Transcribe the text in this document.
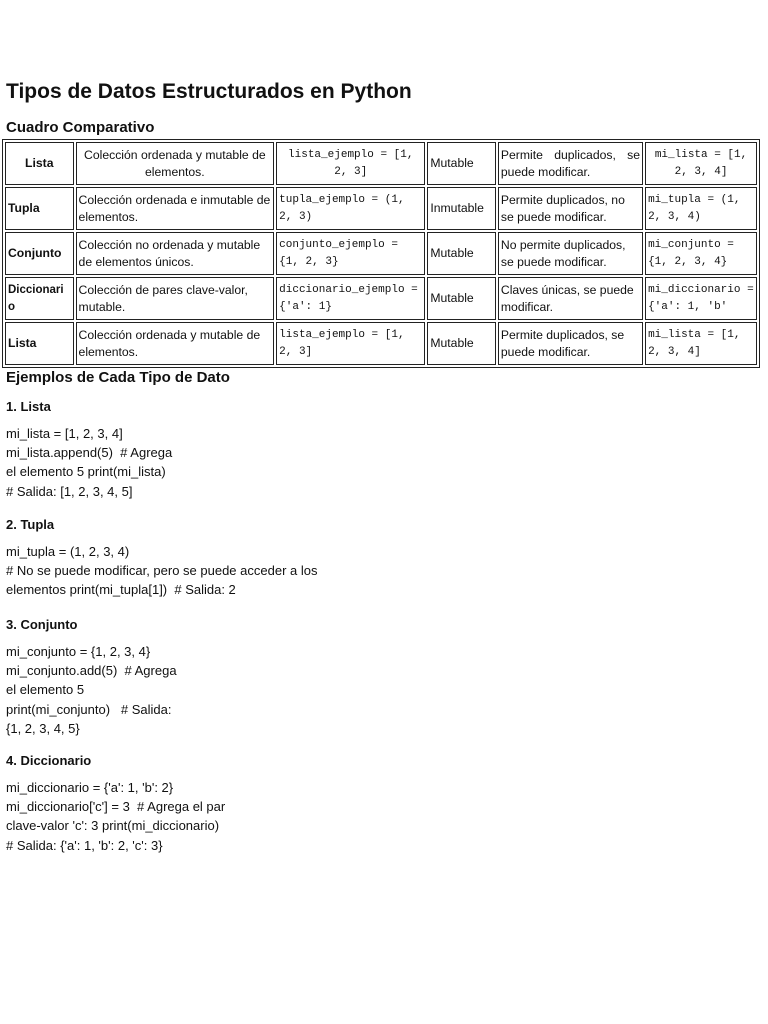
Tipos de Datos Estructurados en Python
Cuadro Comparativo
Lista	Colección ordenada y mutable de elementos.	lista_ejemplo = [1, 2, 3]	Mutable	Permite duplicados, se puede modificar.	mi_lista = [1, 2, 3, 4]
Tupla	Colección ordenada e inmutable de elementos.	tupla_ejemplo = (1, 2, 3)	Inmutable	Permite duplicados, no se puede modificar.	mi_tupla = (1, 2, 3, 4)
Conjunto	Colección no ordenada y mutable de elementos únicos.	conjunto_ejemplo = {1, 2, 3}	Mutable	No permite duplicados, se puede modificar.	mi_conjunto = {1, 2, 3, 4}
Diccionario	Colección de pares clave-valor, mutable.	diccionario_ejemplo = {'a': 1}	Mutable	Claves únicas, se puede modificar.	mi_diccionario = {'a': 1, 'b'
Lista	Colección ordenada y mutable de elementos.	lista_ejemplo = [1, 2, 3]	Mutable	Permite duplicados, se puede modificar.	mi_lista = [1, 2, 3, 4]
Ejemplos de Cada Tipo de Dato

1. Lista

mi_lista = [1, 2, 3, 4]

mi_lista.append(5)  # Agrega

el elemento 5 print(mi_lista)

# Salida: [1, 2, 3, 4, 5]

2. Tupla

mi_tupla = (1, 2, 3, 4)

# No se puede modificar, pero se puede acceder a los

elementos print(mi_tupla[1])  # Salida: 2

3. Conjunto

mi_conjunto = {1, 2, 3, 4}

mi_conjunto.add(5)  # Agrega

el elemento 5

print(mi_conjunto)   # Salida:

{1, 2, 3, 4, 5}

4. Diccionario

mi_diccionario = {'a': 1, 'b': 2}

mi_diccionario['c'] = 3  # Agrega el par

clave-valor 'c': 3 print(mi_diccionario)

# Salida: {'a': 1, 'b': 2, 'c': 3}
